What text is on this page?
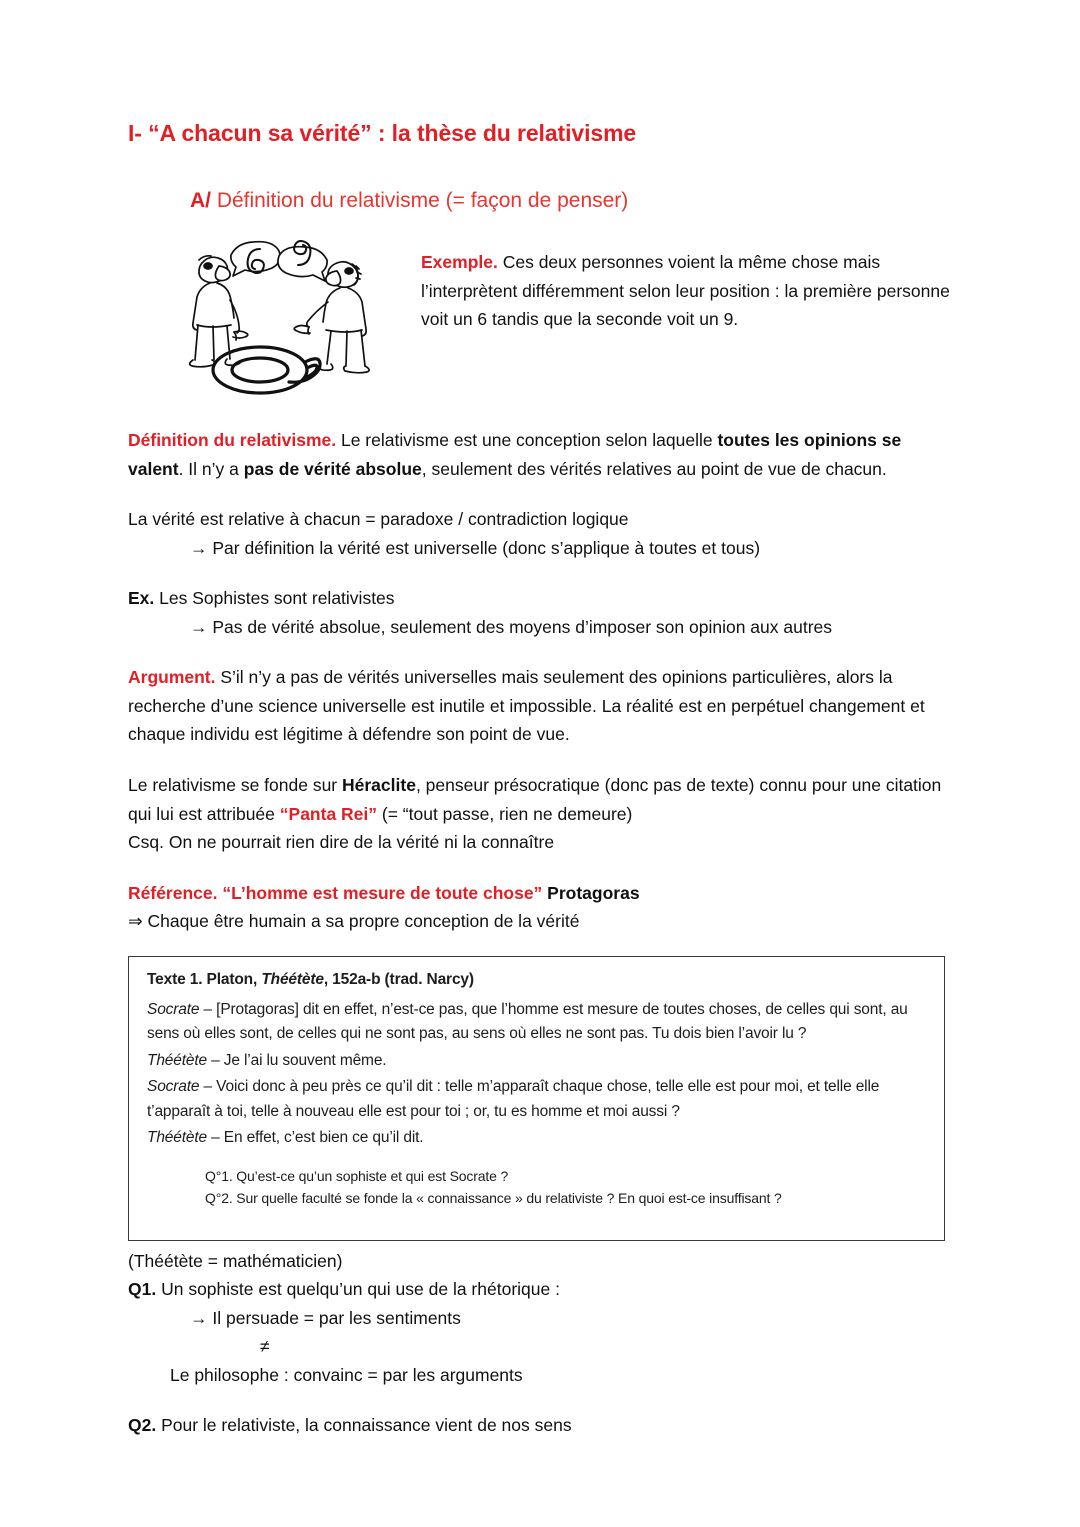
I- “A chacun sa vérité” : la thèse du relativisme
A/ Définition du relativisme (= façon de penser)
Exemple. Ces deux personnes voient la même chose mais l’interprètent différemment selon leur position : la première personne voit un 6 tandis que la seconde voit un 9.

Définition du relativisme. Le relativisme est une conception selon laquelle toutes les opinions se valent. Il n’y a pas de vérité absolue, seulement des vérités relatives au point de vue de chacun.

La vérité est relative à chacun = paradoxe / contradiction logique

→ Par définition la vérité est universelle (donc s’applique à toutes et tous)

Ex. Les Sophistes sont relativistes

→ Pas de vérité absolue, seulement des moyens d’imposer son opinion aux autres

Argument. S’il n’y a pas de vérités universelles mais seulement des opinions particulières, alors la recherche d’une science universelle est inutile et impossible. La réalité est en perpétuel changement et chaque individu est légitime à défendre son point de vue.

Le relativisme se fonde sur Héraclite, penseur présocratique (donc pas de texte) connu pour une citation qui lui est attribuée “Panta Rei” (= “tout passe, rien ne demeure)

Csq. On ne pourrait rien dire de la vérité ni la connaître

Référence. “L’homme est mesure de toute chose” Protagoras

⇒ Chaque être humain a sa propre conception de la vérité

Texte 1. Platon, Théétète, 152a-b (trad. Narcy)

Socrate – [Protagoras] dit en effet, n’est-ce pas, que l’homme est mesure de toutes choses, de celles qui sont, au sens où elles sont, de celles qui ne sont pas, au sens où elles ne sont pas. Tu dois bien l’avoir lu ?

Théétète – Je l’ai lu souvent même.

Socrate – Voici donc à peu près ce qu’il dit : telle m’apparaît chaque chose, telle elle est pour moi, et telle elle t’apparaît à toi, telle à nouveau elle est pour toi ; or, tu es homme et moi aussi ?

Théétète – En effet, c’est bien ce qu’il dit.

Q°1. Qu’est-ce qu’un sophiste et qui est Socrate ?

Q°2. Sur quelle faculté se fonde la « connaissance » du relativiste ? En quoi est-ce insuffisant ?

(Théétète = mathématicien)

Q1. Un sophiste est quelqu’un qui use de la rhétorique :

→ Il persuade = par les sentiments

≠

Le philosophe : convainc = par les arguments

Q2. Pour le relativiste, la connaissance vient de nos sens
